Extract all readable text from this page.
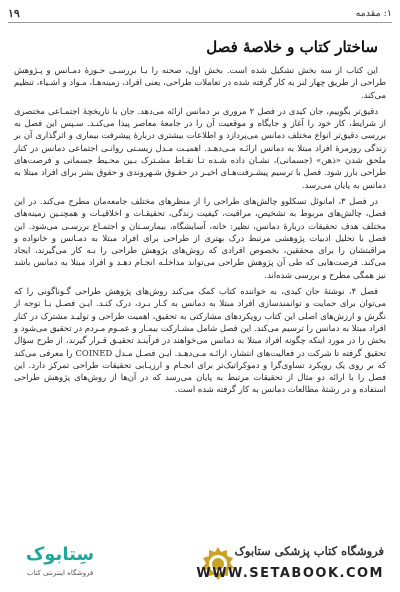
۱۹	۱: مقدمه
ساختار کتاب و خلاصهٔ فصل

این کتاب از سه بخش تشکیل شده است. بخش اول، صحنه را بـا بررسـی حـوزهٔ دمـانس و پـژوهش طراحی از طریق چهار لنز به کار گرفته شده در تعاملات طراحی، یعنی افراد، زمینه‌هـا، مـواد و اشـیاء، تنظیم می‌کند.

دقیق‌تر بگوییم، جان کیدی در فصل ۲ مروری بر دمانس ارائه می‌دهد. جان با تاریخچهٔ اجتمـاعی مختصری از شرایط، کار خود را آغاز و جایگاه و موقعیت آن را در جامعهٔ معاصر پیدا می‌کنـد. سـپس این فصل به بررسی دقیق‌تر انواع مختلف دمانس می‌پردازد و اطلاعات بیشتری دربارهٔ پیشرفت بیماری و اثرگذاری آن بر زندگی روزمرهٔ افراد مبتلا به دمانس ارائـه مـی‌دهـد. اهمیـت مـدل زیسـتی روانـی اجتماعی دمانس در کنار ملحق شدن «ذهن» (جسمانی)، نشـان داده شـده تـا نقـاط مشـترک بـین محـیط جسمانی و فرصت‌های طراحی بارز شود. فصل با ترسیم پیشـرفت‌هـای اخیـر در حقـوق شـهروندی و حقوق بشر برای افراد مبتلا به دمانس به پایان می‌رسد.

در فصل ۳، امانوئل تسکلوو چالش‌های طراحی را از منظرهای مختلف جامعه‌مان مطرح می‌کند. در این فصل، چالش‌های مربوط به تشخیص، مراقبت، کیفیت زندگی، تحقیقـات و اخلاقیـات و همچنـین زمینه‌های مختلف هدف تحقیقات دربارهٔ دمانس، نظیر: خانه، آسایشگاه، بیمارسـتان و اجتمـاع بررسـی می‌شود. این فصل با تحلیل ادبیات پژوهشی مرتبط درک بهتری از طراحی برای افراد مبتلا به دمـانس و خانواده و مراقبتشان را برای محققین، بخصوص افرادی که روش‌های پژوهش طراحی را بـه کار می‌گیرند، ایجاد می‌کند. فرصت‌هایی که طی آن پژوهش طراحی می‌تواند مداخلـه انجـام دهـد و افراد مبتلا به دمانس باشد نیز همگی مطرح و بررسی شده‌اند.

فصل ۴، نوشتهٔ جان کیدی، به خواننده کتاب کمک می‌کند روش‌های پژوهش طراحی گـوناگونی را که می‌توان برای حمایت و توانمندسازی افراد مبتلا به دمانس به کـار بـرد، درک کنـد. ایـن فصـل بـا توجه از نگرش و ارزش‌های اصلی این کتاب رویکردهای مشارکتی به تحقیق، اهمیت طراحی و تولیـد مشترک در کنار افراد مبتلا به دمانس را ترسیم می‌کند. این فصل شامل مشـارکت بیمـار و عمـوم مـردم در تحقیق می‌شود و بخش را در مورد اینکه چگونه افراد مبتلا به دمانس می‌خواهند در فرآینـد تحقیـق قـرار گیرند، از طرح سؤال تحقیق گرفته تا شرکت در فعالیت‌های انتشار، ارائـه مـی‌دهـد. ایـن فصـل مـدل COINED را معرفی می‌کند که بر روی یک رویکرد تساوی‌گرا و دموکراتیک‌تر برای انجـام و ارزیـابی تحقیقات طراحی تمرکز دارد. این فصل را با ارائه دو مثال از تحقیقات مرتبط به پایان می‌رسد که در آن‌ها از روش‌های پژوهش طراحی استفاده و در رشتهٔ مطالعات دمانس به کار گرفته شده است.

سِتابوک
فروشگاه اینترنتی کتاب
فروشگاه کتاب پزشکی ستابوک
WWW.SETABOOK.COM
